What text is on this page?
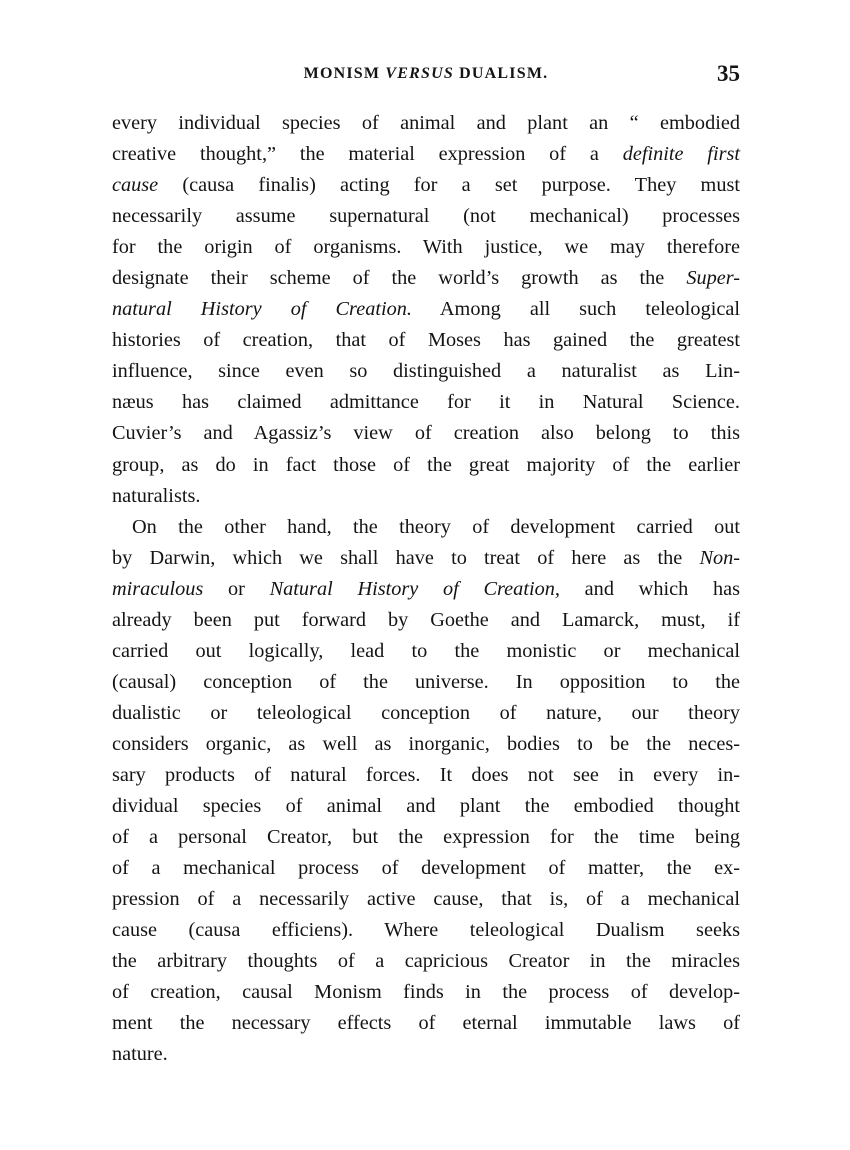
MONISM VERSUS DUALISM.	35

every individual species of animal and plant an “ embodied
creative thought,” the material expression of a definite first
cause (causa finalis) acting for a set purpose. They must
necessarily assume supernatural (not mechanical) processes
for the origin of organisms. With justice, we may therefore
designate their scheme of the world’s growth as the Super-
natural History of Creation. Among all such teleological
histories of creation, that of Moses has gained the greatest
influence, since even so distinguished a naturalist as Lin-
næus has claimed admittance for it in Natural Science.
Cuvier’s and Agassiz’s view of creation also belong to this
group, as do in fact those of the great majority of the earlier
naturalists.

On the other hand, the theory of development carried out
by Darwin, which we shall have to treat of here as the Non-
miraculous or Natural History of Creation, and which has
already been put forward by Goethe and Lamarck, must, if
carried out logically, lead to the monistic or mechanical
(causal) conception of the universe. In opposition to the
dualistic or teleological conception of nature, our theory
considers organic, as well as inorganic, bodies to be the neces-
sary products of natural forces. It does not see in every in-
dividual species of animal and plant the embodied thought
of a personal Creator, but the expression for the time being
of a mechanical process of development of matter, the ex-
pression of a necessarily active cause, that is, of a mechanical
cause (causa efficiens). Where teleological Dualism seeks
the arbitrary thoughts of a capricious Creator in the miracles
of creation, causal Monism finds in the process of develop-
ment the necessary effects of eternal immutable laws of
nature.
